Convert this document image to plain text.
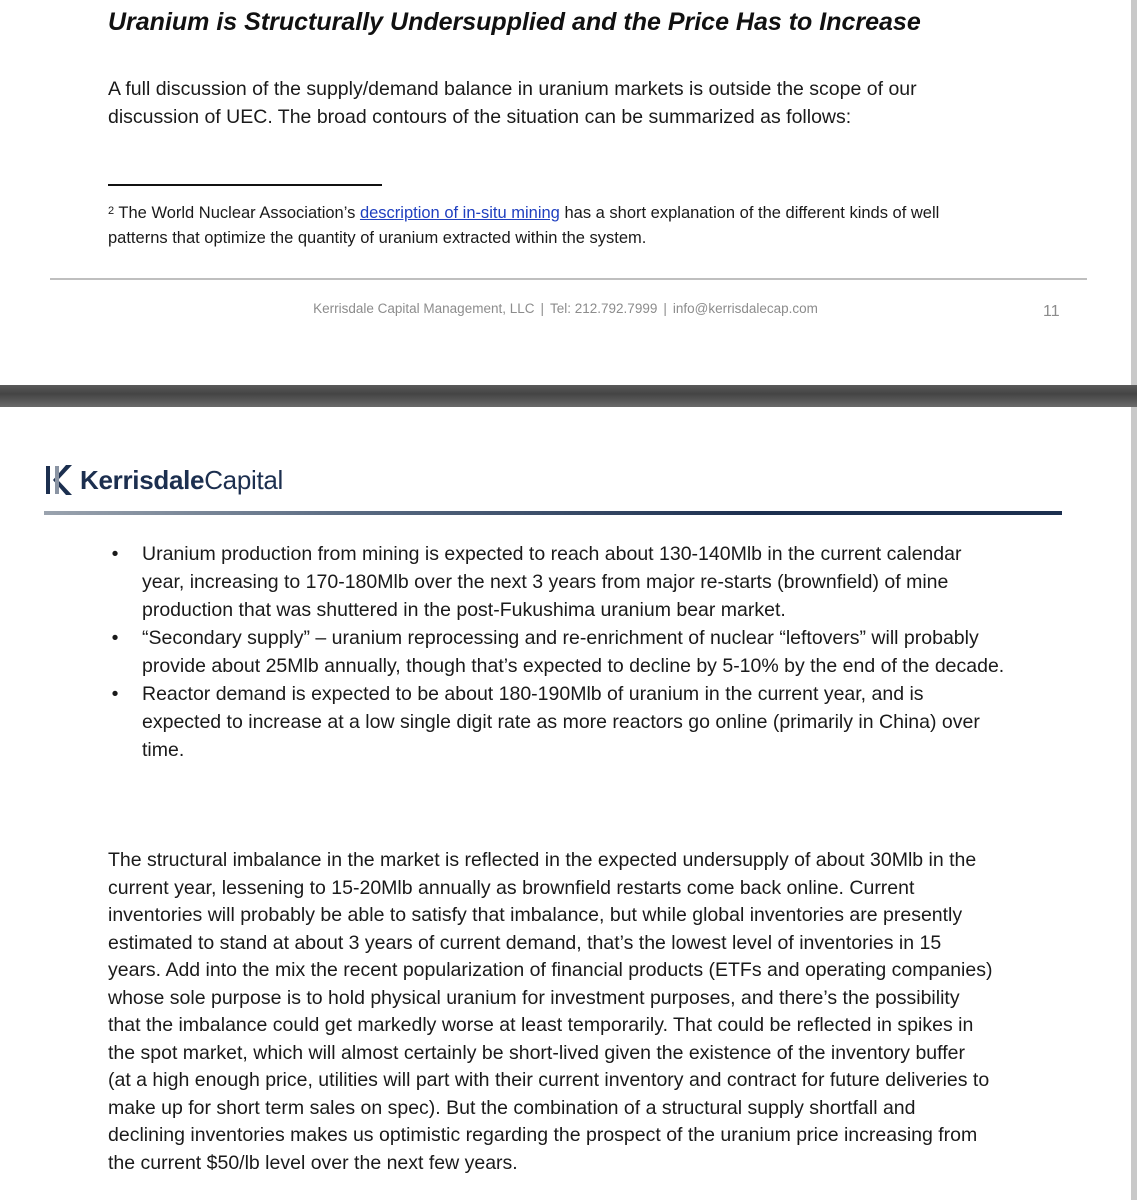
Uranium is Structurally Undersupplied and the Price Has to Increase
A full discussion of the supply/demand balance in uranium markets is outside the scope of our discussion of UEC. The broad contours of the situation can be summarized as follows:
$^2$ The World Nuclear Association’s description of in-situ mining has a short explanation of the different kinds of well patterns that optimize the quantity of uranium extracted within the system.
Kerrisdale Capital Management, LLC | Tel: 212.792.7999 | info@kerrisdalecap.com	11
KerrisdaleCapital
• Uranium production from mining is expected to reach about 130-140Mlb in the current calendar year, increasing to 170-180Mlb over the next 3 years from major re-starts (brownfield) of mine production that was shuttered in the post-Fukushima uranium bear market.
• “Secondary supply” – uranium reprocessing and re-enrichment of nuclear “leftovers” will probably provide about 25Mlb annually, though that’s expected to decline by 5-10% by the end of the decade.
• Reactor demand is expected to be about 180-190Mlb of uranium in the current year, and is expected to increase at a low single digit rate as more reactors go online (primarily in China) over time.
The structural imbalance in the market is reflected in the expected undersupply of about 30Mlb in the current year, lessening to 15-20Mlb annually as brownfield restarts come back online. Current inventories will probably be able to satisfy that imbalance, but while global inventories are presently estimated to stand at about 3 years of current demand, that’s the lowest level of inventories in 15 years. Add into the mix the recent popularization of financial products (ETFs and operating companies) whose sole purpose is to hold physical uranium for investment purposes, and there’s the possibility that the imbalance could get markedly worse at least temporarily. That could be reflected in spikes in the spot market, which will almost certainly be short-lived given the existence of the inventory buffer (at a high enough price, utilities will part with their current inventory and contract for future deliveries to make up for short term sales on spec). But the combination of a structural supply shortfall and declining inventories makes us optimistic regarding the prospect of the uranium price increasing from the current $50/lb level over the next few years.
